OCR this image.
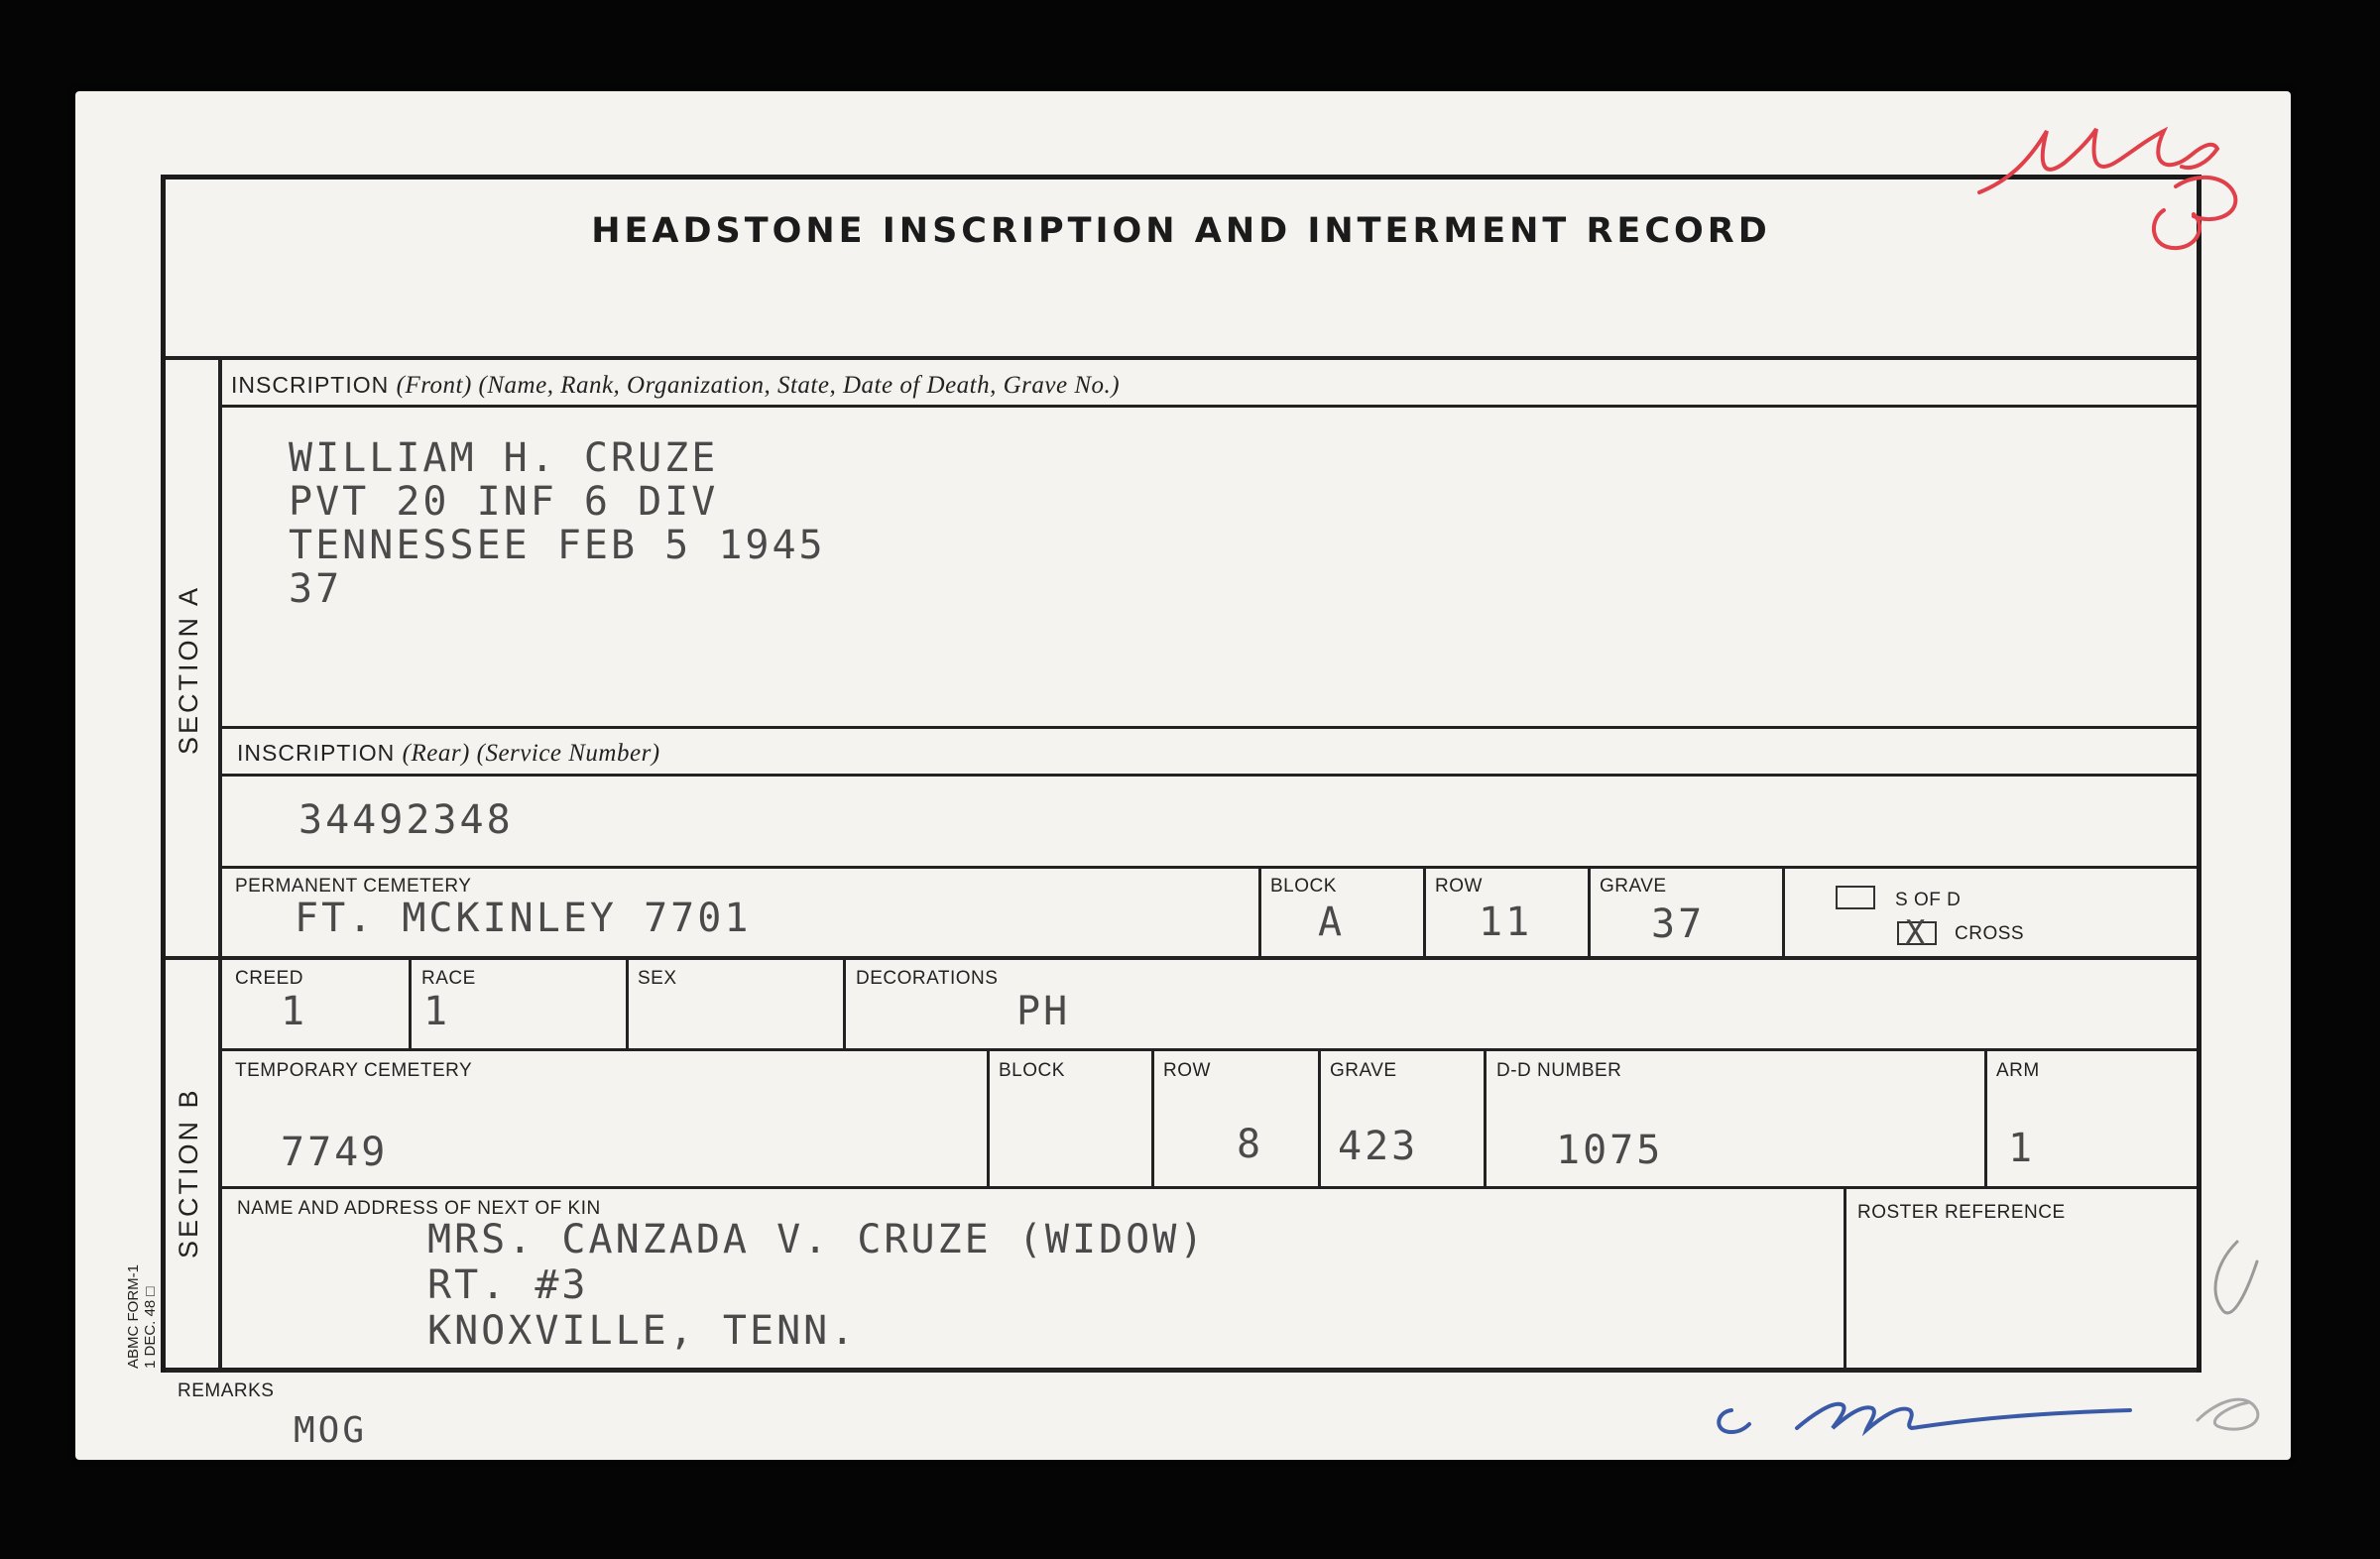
HEADSTONE INSCRIPTION AND INTERMENT RECORD
SECTION A
SECTION B
INSCRIPTION (Front) (Name, Rank, Organization, State, Date of Death, Grave No.)
WILLIAM H. CRUZE
PVT 20 INF 6 DIV
TENNESSEE FEB 5 1945
37
INSCRIPTION (Rear) (Service Number)
34492348
PERMANENT CEMETERY
FT. MCKINLEY 7701
BLOCK
A
ROW
11
GRAVE
37
S OF D
X CROSS
CREED
1
RACE
1
SEX	DECORATIONS
PH
TEMPORARY CEMETERY
7749
BLOCK	ROW
8
GRAVE
423
D-D NUMBER
1075
ARM
1
NAME AND ADDRESS OF NEXT OF KIN
MRS. CANZADA V. CRUZE (WIDOW)
RT. #3
KNOXVILLE, TENN.
ROSTER REFERENCE
REMARKS
ABMC FORM-1 1 DEC. 48 □
MOG
